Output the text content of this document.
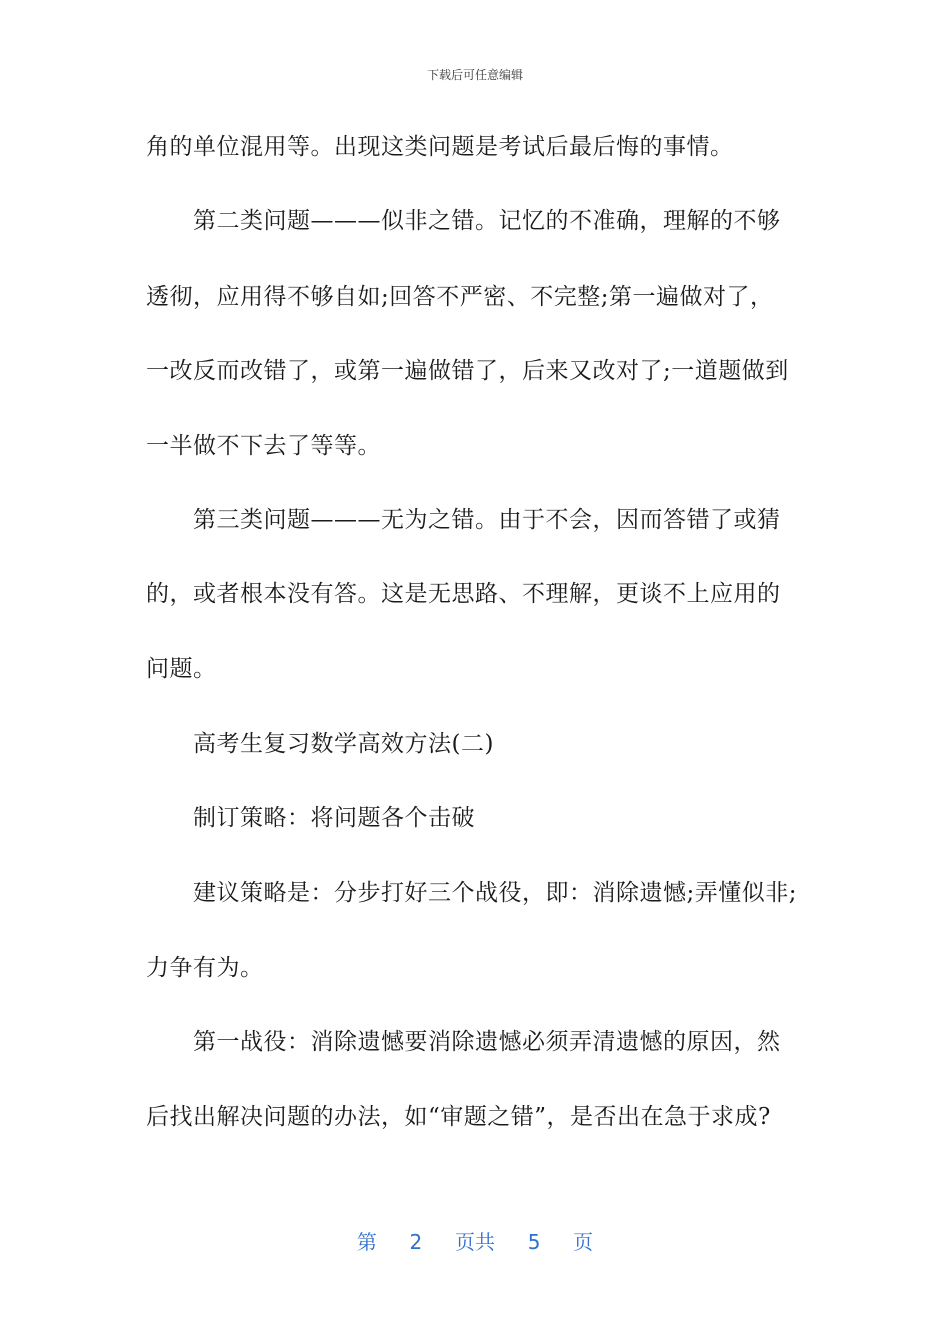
下载后可任意编辑
角的单位混用等。出现这类问题是考试后最后悔的事情。
第二类问题———似非之错。记忆的不准确，理解的不够
透彻，应用得不够自如;回答不严密、不完整;第一遍做对了，
一改反而改错了，或第一遍做错了，后来又改对了;一道题做到
一半做不下去了等等。
第三类问题———无为之错。由于不会，因而答错了或猜
的，或者根本没有答。这是无思路、不理解，更谈不上应用的
问题。
高考生复习数学高效方法(二)
制订策略：将问题各个击破
建议策略是：分步打好三个战役，即：消除遗憾;弄懂似非;
力争有为。
第一战役：消除遗憾要消除遗憾必须弄清遗憾的原因，然
后找出解决问题的办法，如“审题之错”，是否出在急于求成?
第 2 页共 5 页
